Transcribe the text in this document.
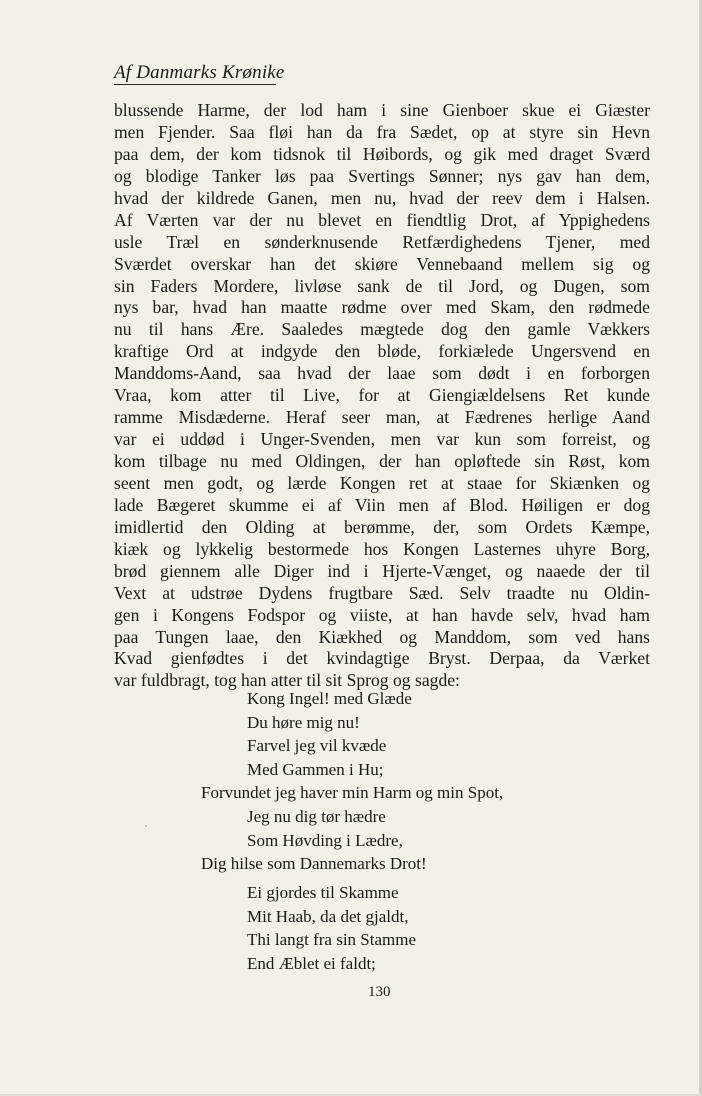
Af Danmarks Krønike
blussende Harme, der lod ham i sine Gienboer skue ei Giæster
men Fjender. Saa fløi han da fra Sædet, op at styre sin Hevn
paa dem, der kom tidsnok til Høibords, og gik med draget Sværd
og blodige Tanker løs paa Svertings Sønner; nys gav han dem,
hvad der kildrede Ganen, men nu, hvad der reev dem i Halsen.
Af Værten var der nu blevet en fiendtlig Drot, af Yppighedens
usle Træl en sønderknusende Retfærdighedens Tjener, med
Sværdet overskar han det skiøre Vennebaand mellem sig og
sin Faders Mordere, livløse sank de til Jord, og Dugen, som
nys bar, hvad han maatte rødme over med Skam, den rødmede
nu til hans Ære. Saaledes mægtede dog den gamle Vækkers
kraftige Ord at indgyde den bløde, forkiælede Ungersvend en
Manddoms-Aand, saa hvad der laae som dødt i en forborgen
Vraa, kom atter til Live, for at Giengiældelsens Ret kunde
ramme Misdæderne. Heraf seer man, at Fædrenes herlige Aand
var ei uddød i Unger-Svenden, men var kun som forreist, og
kom tilbage nu med Oldingen, der han opløftede sin Røst, kom
seent men godt, og lærde Kongen ret at staae for Skiænken og
lade Bægeret skumme ei af Viin men af Blod. Høiligen er dog
imidlertid den Olding at berømme, der, som Ordets Kæmpe,
kiæk og lykkelig bestormede hos Kongen Lasternes uhyre Borg,
brød giennem alle Diger ind i Hjerte-Vænget, og naaede der til
Vext at udstrøe Dydens frugtbare Sæd. Selv traadte nu Oldin-
gen i Kongens Fodspor og viiste, at han havde selv, hvad ham
paa Tungen laae, den Kiækhed og Manddom, som ved hans
Kvad gienfødtes i det kvindagtige Bryst. Derpaa, da Værket
var fuldbragt, tog han atter til sit Sprog og sagde:
Kong Ingel! med Glæde
Du høre mig nu!
Farvel jeg vil kvæde
Med Gammen i Hu;
Forvundet jeg haver min Harm og min Spot,
Jeg nu dig tør hædre
Som Høvding i Lædre,
Dig hilse som Dannemarks Drot!
Ei gjordes til Skamme
Mit Haab, da det gjaldt,
Thi langt fra sin Stamme
End Æblet ei faldt;
130
